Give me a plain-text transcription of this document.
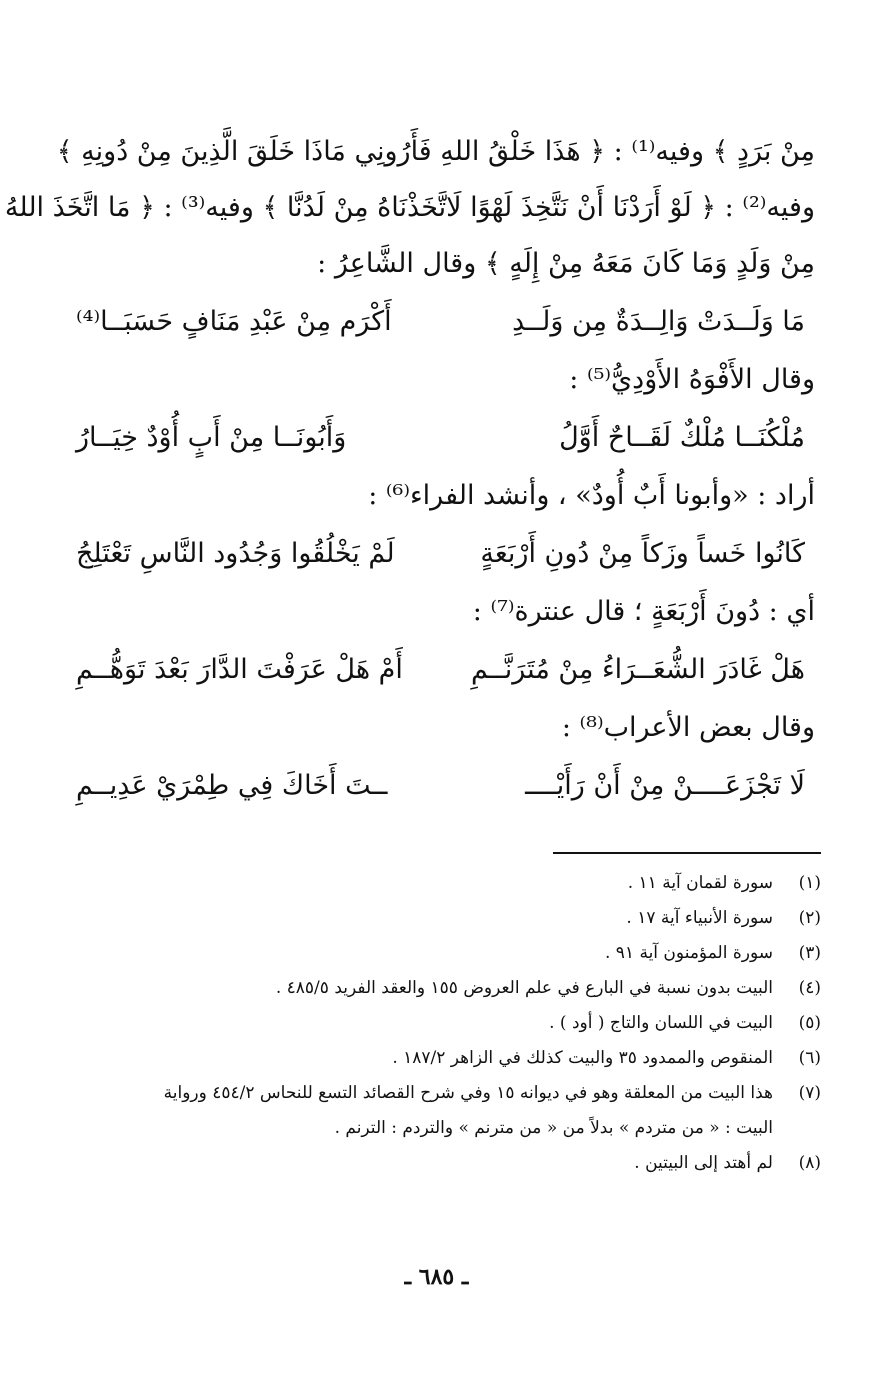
مِنْ بَرَدٍ ﴾ وفيه⁽¹⁾ : ﴿ هَذَا خَلْقُ اللهِ فَأَرُونِي مَاذَا خَلَقَ الَّذِينَ مِنْ دُونِهِ ﴾
وفيه⁽²⁾ : ﴿ لَوْ أَرَدْنَا أَنْ نَتَّخِذَ لَهْوًا لَاتَّخَذْنَاهُ مِنْ لَدُنَّا ﴾ وفيه⁽³⁾ : ﴿ مَا اتَّخَذَ اللهُ
مِنْ وَلَدٍ وَمَا كَانَ مَعَهُ مِنْ إِلَهٍ ﴾ وقال الشَّاعِرُ :
مَا وَلَــدَتْ وَالِــدَةٌ مِن وَلَــدِ
أَكْرَم مِنْ عَبْدِ مَنَافٍ حَسَبَــا⁽⁴⁾
وقال الأَفْوَهُ الأَوْدِيُّ⁽⁵⁾ :
مُلْكُنَــا مُلْكٌ لَقَــاحٌ أَوَّلُ
وَأَبُونَــا مِنْ أَبٍ أُوْدٌ خِيَــارُ
أراد : «وأبونا أَبٌ أُودٌ» ، وأنشد الفراء⁽⁶⁾ :
كَانُوا خَساً وزَكاً مِنْ دُونِ أَرْبَعَةٍ
لَمْ يَخْلُقُوا وَجُدُود النَّاسِ تَعْتَلِجُ
أي : دُونَ أَرْبَعَةٍ ؛ قال عنترة⁽⁷⁾ :
هَلْ غَادَرَ الشُّعَــرَاءُ مِنْ مُتَرَنَّــمِ
أَمْ هَلْ عَرَفْتَ الدَّارَ بَعْدَ تَوَهُّــمِ
وقال بعض الأعراب⁽⁸⁾ :
لَا تَجْزَعَــــنْ مِنْ أَنْ رَأَيْــــ
ــتَ أَخَاكَ فِي طِمْرَيْ عَدِيــمِ
(١)
سورة لقمان آية ١١ .
(٢)
سورة الأنبياء آية ١٧ .
(٣)
سورة المؤمنون آية ٩١ .
(٤)
البيت بدون نسبة في البارع في علم العروض ١٥٥ والعقد الفريد ٤٨٥/٥ .
(٥)
البيت في اللسان والتاج ( أود ) .
(٦)
المنقوص والممدود ٣٥ والبيت كذلك في الزاهر ١٨٧/٢ .
(٧)
هذا البيت من المعلقة وهو في ديوانه ١٥ وفي شرح القصائد التسع للنحاس ٤٥٤/٢ ورواية
البيت : « من متردم » بدلاً من « من مترنم » والتردم : الترنم .
(٨)
لم أهتد إلى البيتين .
ـ ٦٨٥ ـ
